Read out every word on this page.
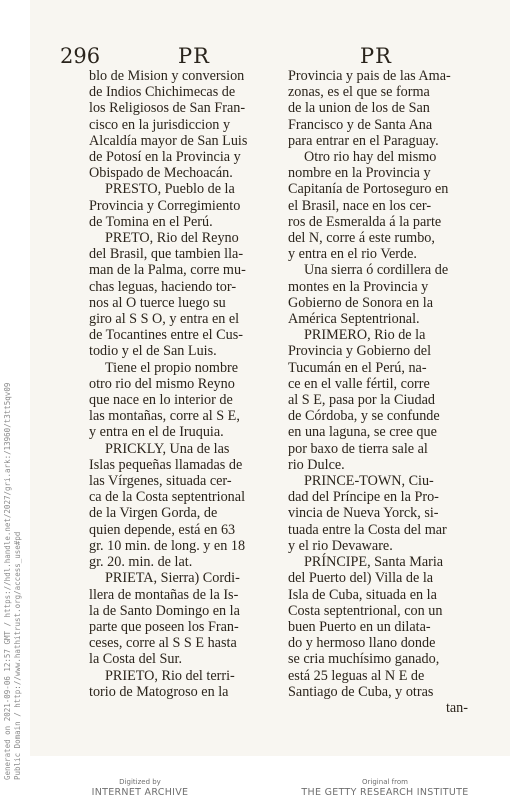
296	PR	PR
blo de Mision y conversion
de Indios Chichimecas de
los Religiosos de San Fran-
cisco en la jurisdiccion y
Alcaldía mayor de San Luis
de Potosí en la Provincia y
Obispado de Mechoacán.
PRESTO, Pueblo de la
Provincia y Corregimiento
de Tomina en el Perú.
PRETO, Rio del Reyno
del Brasil, que tambien lla-
man de la Palma, corre mu-
chas leguas, haciendo tor-
nos al O tuerce luego su
giro al S S O, y entra en el
de Tocantines entre el Cus-
todio y el de San Luis.
Tiene el propio nombre
otro rio del mismo Reyno
que nace en lo interior de
las montañas, corre al S E,
y entra en el de Iruquia.
PRICKLY, Una de las
Islas pequeñas llamadas de
las Vírgenes, situada cer-
ca de la Costa septentrional
de la Virgen Gorda, de
quien depende, está en 63
gr. 10 min. de long. y en 18
gr. 20. min. de lat.
PRIETA, Sierra) Cordi-
llera de montañas de la Is-
la de Santo Domingo en la
parte que poseen los Fran-
ceses, corre al S S E hasta
la Costa del Sur.
PRIETO, Rio del terri-
torio de Matogroso en la
Provincia y pais de las Ama-
zonas, es el que se forma
de la union de los de San
Francisco y de Santa Ana
para entrar en el Paraguay.
Otro rio hay del mismo
nombre en la Provincia y
Capitanía de Portoseguro en
el Brasil, nace en los cer-
ros de Esmeralda á la parte
del N, corre á este rumbo,
y entra en el rio Verde.
Una sierra ó cordillera de
montes en la Provincia y
Gobierno de Sonora en la
América Septentrional.
PRIMERO, Rio de la
Provincia y Gobierno del
Tucumán en el Perú, na-
ce en el valle fértil, corre
al S E, pasa por la Ciudad
de Córdoba, y se confunde
en una laguna, se cree que
por baxo de tierra sale al
rio Dulce.
PRINCE-TOWN, Ciu-
dad del Príncipe en la Pro-
vincia de Nueva Yorck, si-
tuada entre la Costa del mar
y el rio Devaware.
PRÍNCIPE, Santa Maria
del Puerto del) Villa de la
Isla de Cuba, situada en la
Costa septentrional, con un
buen Puerto en un dilata-
do y hermoso llano donde
se cria muchísimo ganado,
está 25 leguas al N E de
Santiago de Cuba, y otras
tan-
Generated on 2021-09-06 12:57 GMT / https://hdl.handle.net/2027/gri.ark:/13960/t3tt5qv09 Public Domain / http://www.hathitrust.org/access_use#pd
Digitized by
INTERNET ARCHIVE
Original from
THE GETTY RESEARCH INSTITUTE
